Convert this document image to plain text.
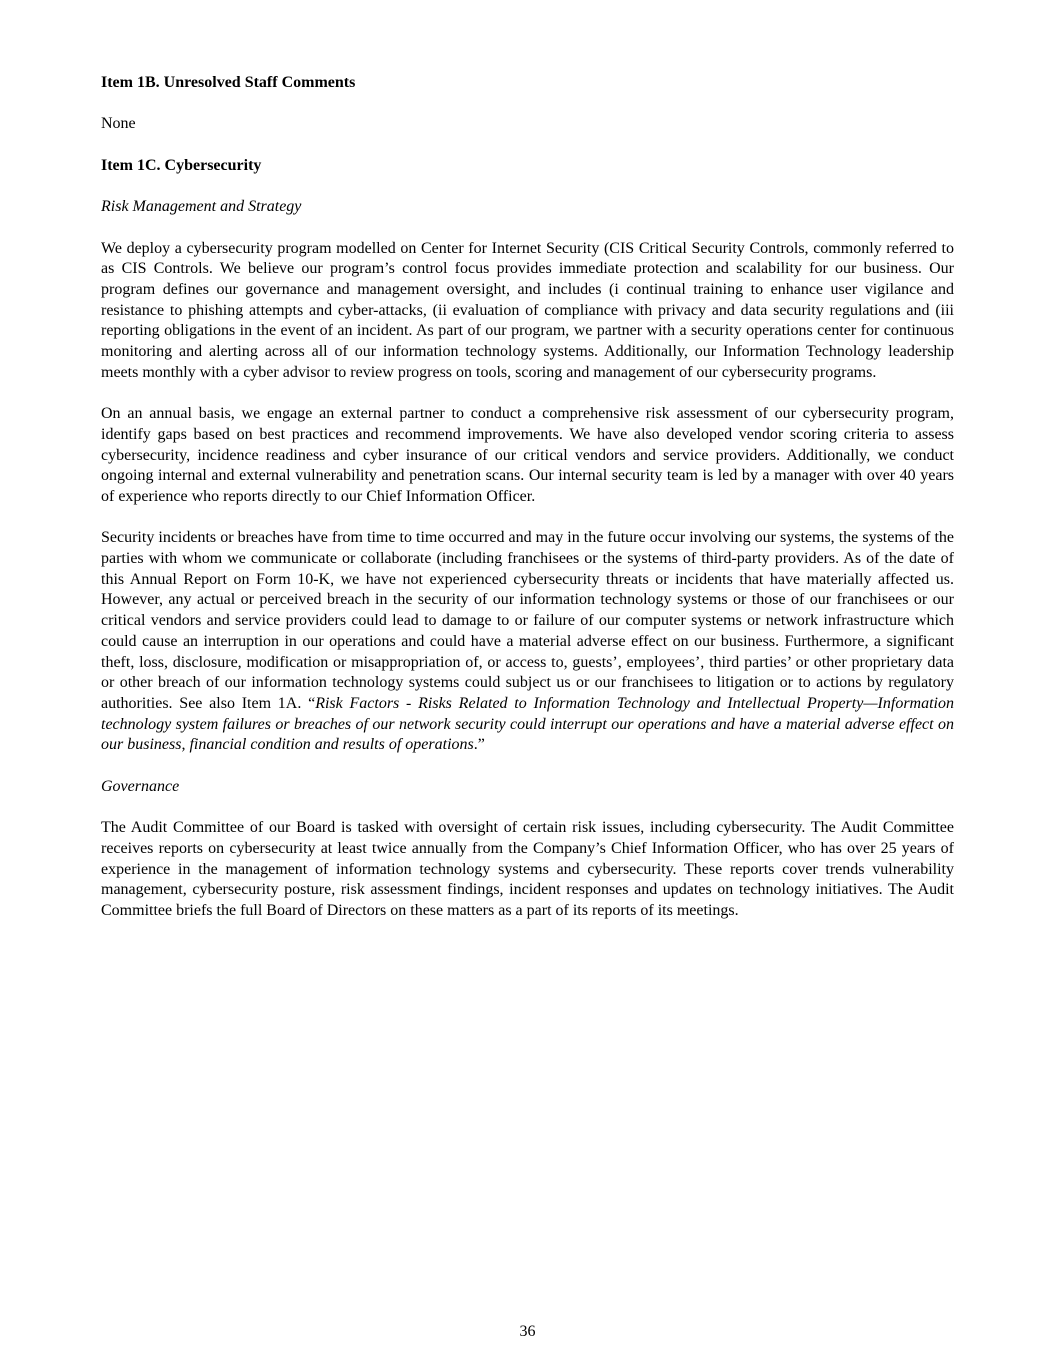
Item 1B. Unresolved Staff Comments

None

Item 1C. Cybersecurity

Risk Management and Strategy

We deploy a cybersecurity program modelled on Center for Internet Security (CIS Critical Security Controls, commonly referred to as CIS Controls. We believe our program’s control focus provides immediate protection and scalability for our business. Our program defines our governance and management oversight, and includes (i continual training to enhance user vigilance and resistance to phishing attempts and cyber-attacks, (ii evaluation of compliance with privacy and data security regulations and (iii reporting obligations in the event of an incident. As part of our program, we partner with a security operations center for continuous monitoring and alerting across all of our information technology systems. Additionally, our Information Technology leadership meets monthly with a cyber advisor to review progress on tools, scoring and management of our cybersecurity programs.

On an annual basis, we engage an external partner to conduct a comprehensive risk assessment of our cybersecurity program, identify gaps based on best practices and recommend improvements. We have also developed vendor scoring criteria to assess cybersecurity, incidence readiness and cyber insurance of our critical vendors and service providers. Additionally, we conduct ongoing internal and external vulnerability and penetration scans. Our internal security team is led by a manager with over 40 years of experience who reports directly to our Chief Information Officer.

Security incidents or breaches have from time to time occurred and may in the future occur involving our systems, the systems of the parties with whom we communicate or collaborate (including franchisees or the systems of third-party providers. As of the date of this Annual Report on Form 10-K, we have not experienced cybersecurity threats or incidents that have materially affected us. However, any actual or perceived breach in the security of our information technology systems or those of our franchisees or our critical vendors and service providers could lead to damage to or failure of our computer systems or network infrastructure which could cause an interruption in our operations and could have a material adverse effect on our business. Furthermore, a significant theft, loss, disclosure, modification or misappropriation of, or access to, guests’, employees’, third parties’ or other proprietary data or other breach of our information technology systems could subject us or our franchisees to litigation or to actions by regulatory authorities. See also Item 1A. “Risk Factors - Risks Related to Information Technology and Intellectual Property—Information technology system failures or breaches of our network security could interrupt our operations and have a material adverse effect on our business, financial condition and results of operations.”

Governance

The Audit Committee of our Board is tasked with oversight of certain risk issues, including cybersecurity. The Audit Committee receives reports on cybersecurity at least twice annually from the Company’s Chief Information Officer, who has over 25 years of experience in the management of information technology systems and cybersecurity. These reports cover trends vulnerability management, cybersecurity posture, risk assessment findings, incident responses and updates on technology initiatives. The Audit Committee briefs the full Board of Directors on these matters as a part of its reports of its meetings.

36
